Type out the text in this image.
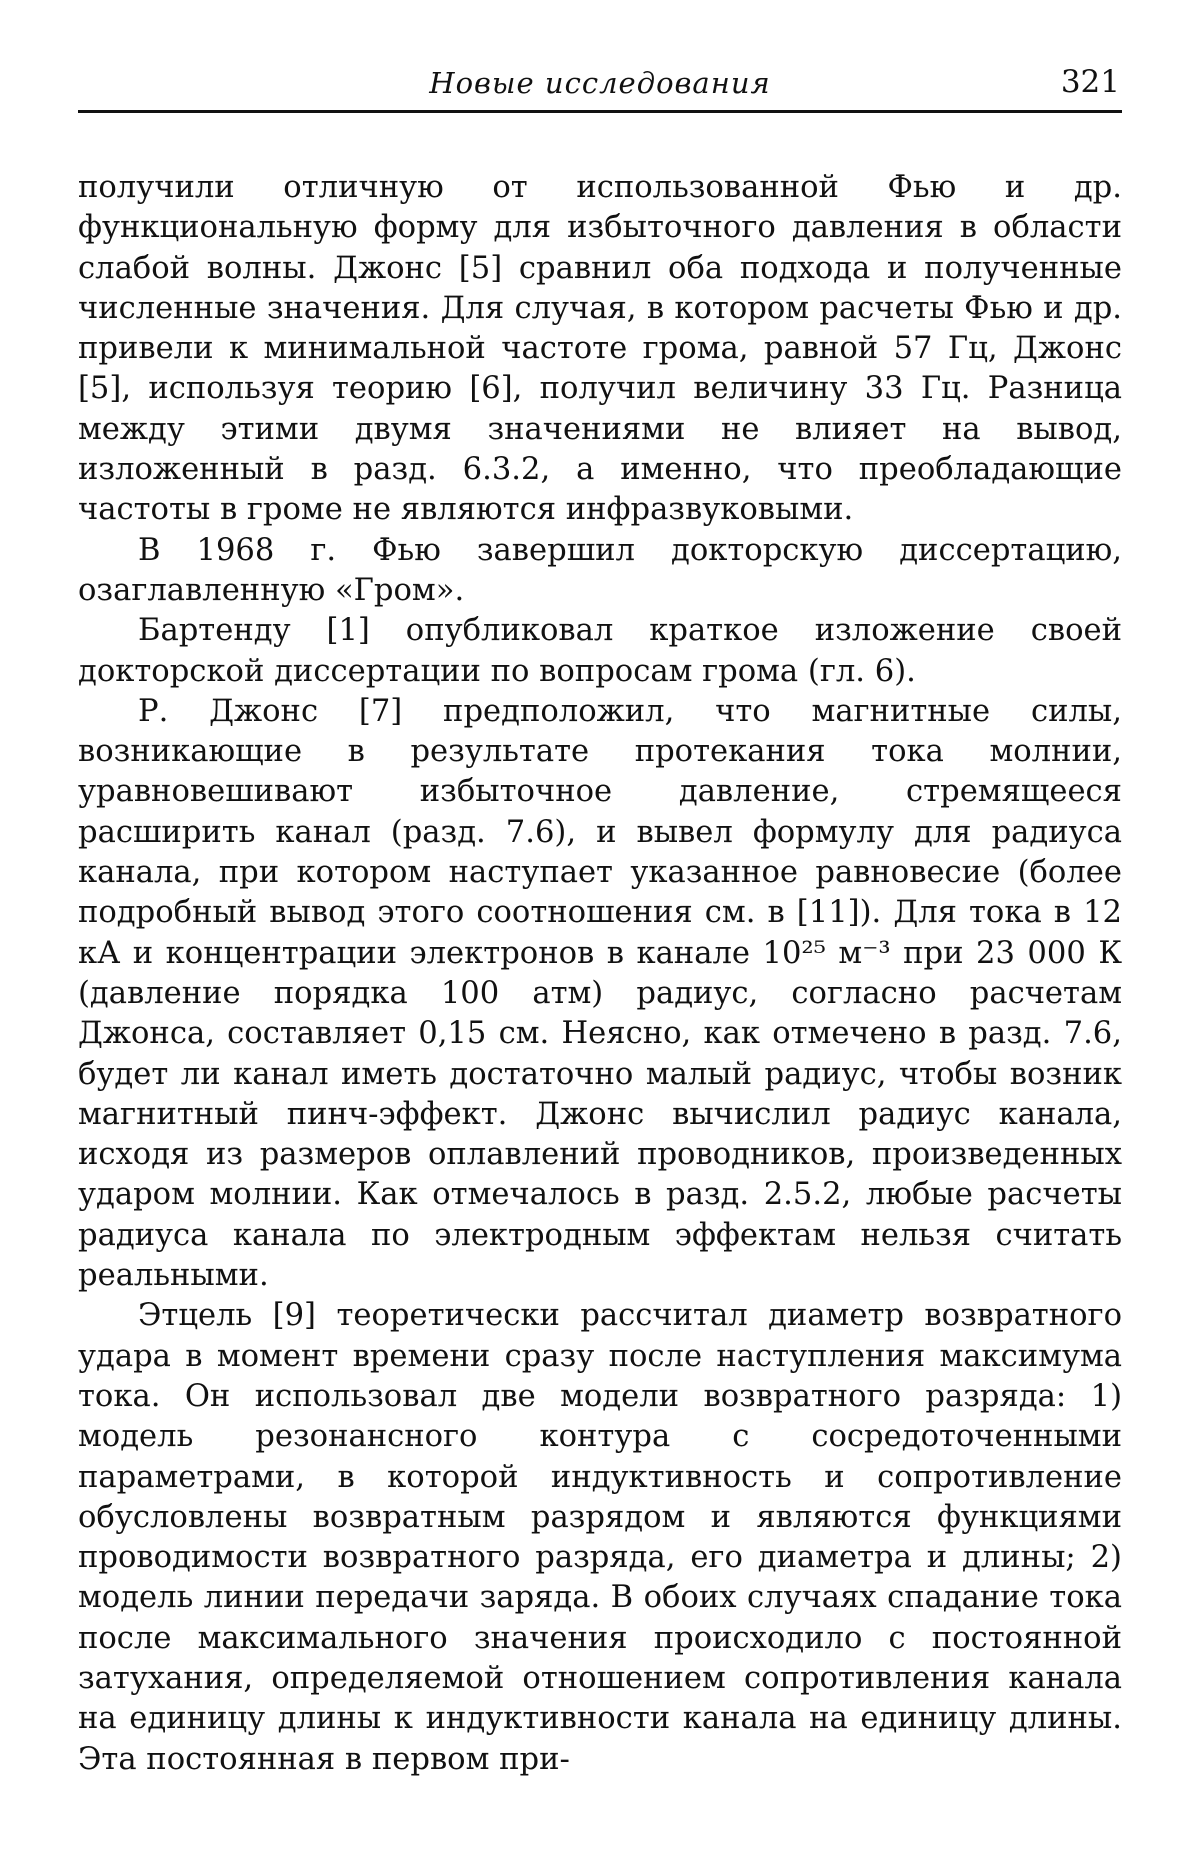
Новые исследования	321

получили отличную от использованной Фью и др. функциональную форму для избыточного давления в области слабой волны. Джонс [5] сравнил оба подхода и полученные численные значения. Для случая, в котором расчеты Фью и др. привели к минимальной частоте грома, равной 57 Гц, Джонс [5], используя теорию [6], получил величину 33 Гц. Разница между этими двумя значениями не влияет на вывод, изложенный в разд. 6.3.2, а именно, что преобладающие частоты в громе не являются инфразвуковыми.

В 1968 г. Фью завершил докторскую диссертацию, озаглавленную «Гром».

Бартенду [1] опубликовал краткое изложение своей докторской диссертации по вопросам грома (гл. 6).

Р. Джонс [7] предположил, что магнитные силы, возникающие в результате протекания тока молнии, уравновешивают избыточное давление, стремящееся расширить канал (разд. 7.6), и вывел формулу для радиуса канала, при котором наступает указанное равновесие (более подробный вывод этого соотношения см. в [11]). Для тока в 12 кА и концентрации электронов в канале 10²⁵ м⁻³ при 23 000 К (давление порядка 100 атм) радиус, согласно расчетам Джонса, составляет 0,15 см. Неясно, как отмечено в разд. 7.6, будет ли канал иметь достаточно малый радиус, чтобы возник магнитный пинч-эффект. Джонс вычислил радиус канала, исходя из размеров оплавлений проводников, произведенных ударом молнии. Как отмечалось в разд. 2.5.2, любые расчеты радиуса канала по электродным эффектам нельзя считать реальными.

Этцель [9] теоретически рассчитал диаметр возвратного удара в момент времени сразу после наступления максимума тока. Он использовал две модели возвратного разряда: 1) модель резонансного контура с сосредоточенными параметрами, в которой индуктивность и сопротивление обусловлены возвратным разрядом и являются функциями проводимости возвратного разряда, его диаметра и длины; 2) модель линии передачи заряда. В обоих случаях спадание тока после максимального значения происходило с постоянной затухания, определяемой отношением сопротивления канала на единицу длины к индуктивности канала на единицу длины. Эта постоянная в первом при-
